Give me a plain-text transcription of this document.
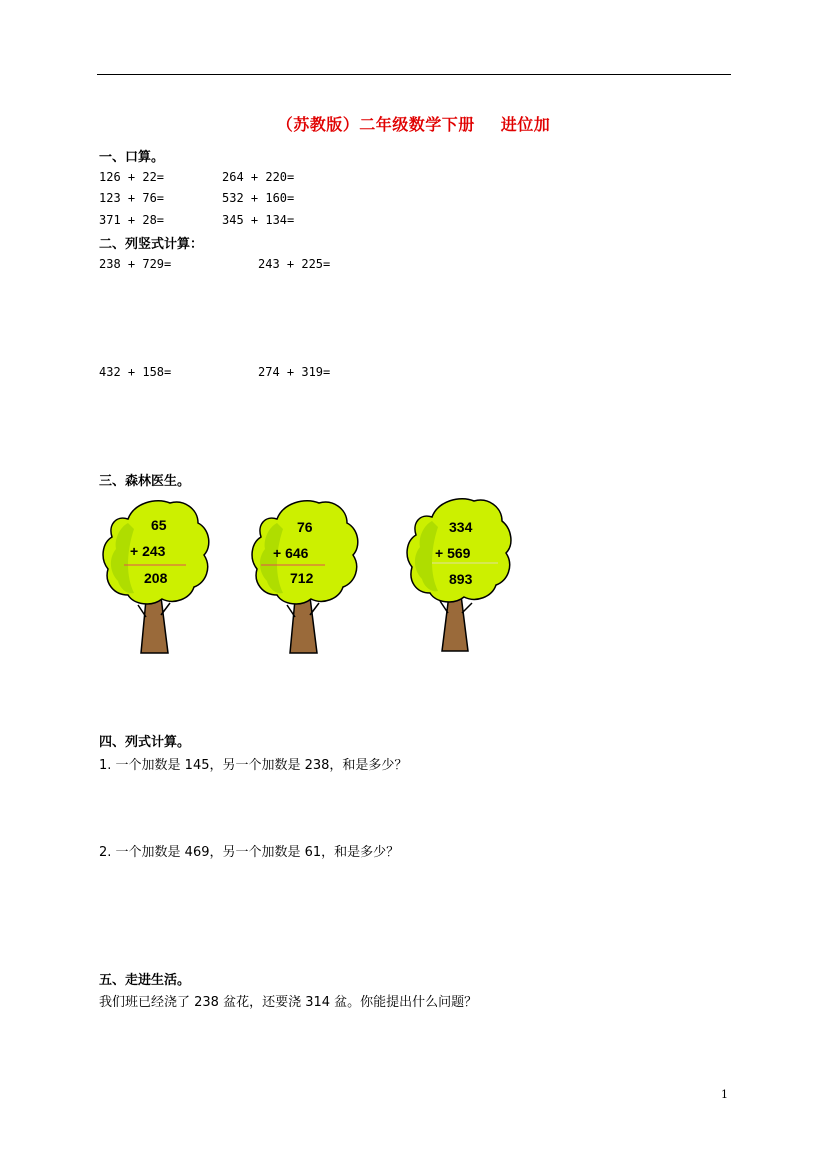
（苏教版）二年级数学下册 进位加
一、口算。
126 + 22=	264 + 220=
123 + 76=	532 + 160=
371 + 28=	345 + 134=
二、列竖式计算：
238 + 729=	243 + 225=
432 + 158=	274 + 319=
三、森林医生。
65
+ 243
208
76
+ 646
712
334
+ 569
893
四、列式计算。
1. 一个加数是 145，另一个加数是 238，和是多少？
2. 一个加数是 469，另一个加数是 61，和是多少？
五、走进生活。
我们班已经浇了 238 盆花，还要浇 314 盆。你能提出什么问题？
1
